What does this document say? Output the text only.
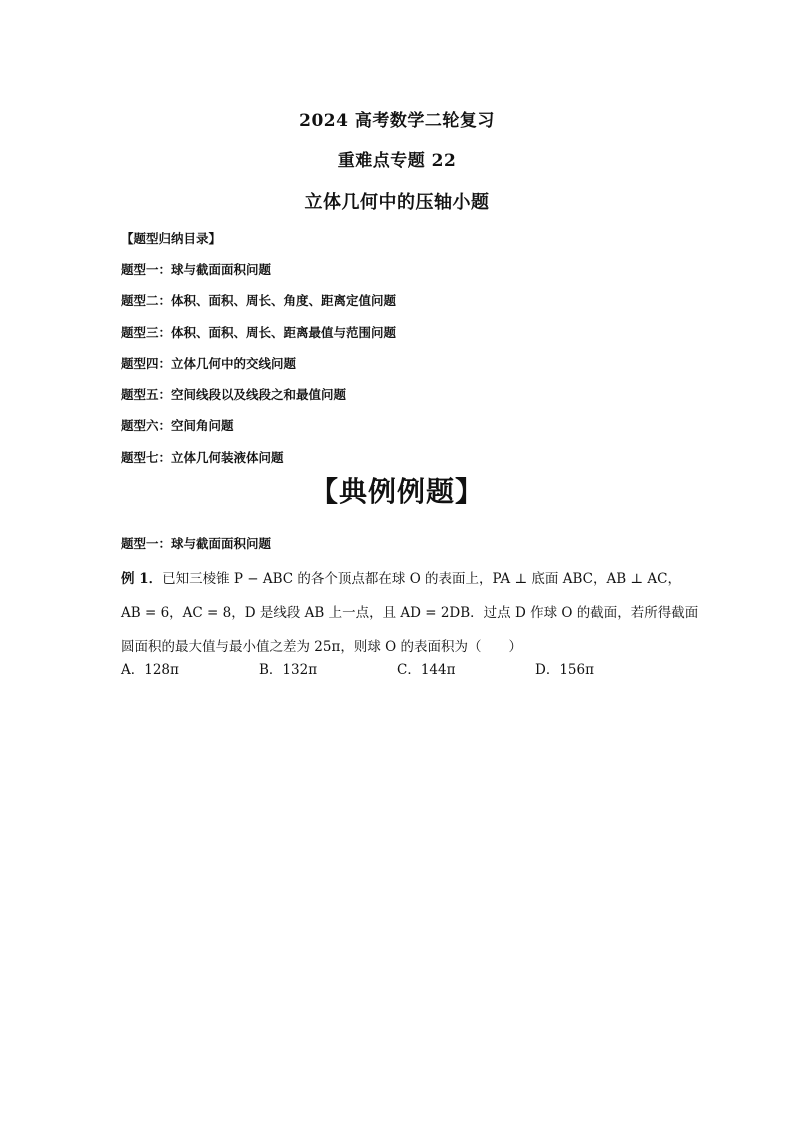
2024 高考数学二轮复习
重难点专题 22
立体几何中的压轴小题
【题型归纳目录】
题型一：球与截面面积问题
题型二：体积、面积、周长、角度、距离定值问题
题型三：体积、面积、周长、距离最值与范围问题
题型四：立体几何中的交线问题
题型五：空间线段以及线段之和最值问题
题型六：空间角问题
题型七：立体几何装液体问题
【典例例题】
题型一：球与截面面积问题

例 1．已知三棱锥 P − ABC 的各个顶点都在球 O 的表面上，PA ⊥ 底面 ABC，AB ⊥ AC，

AB = 6，AC = 8，D 是线段 AB 上一点，且 AD = 2DB．过点 D 作球 O 的截面，若所得截面

圆面积的最大值与最小值之差为 25π，则球 O 的表面积为（　　）

A．128π	B．132π	C．144π	D．156π
